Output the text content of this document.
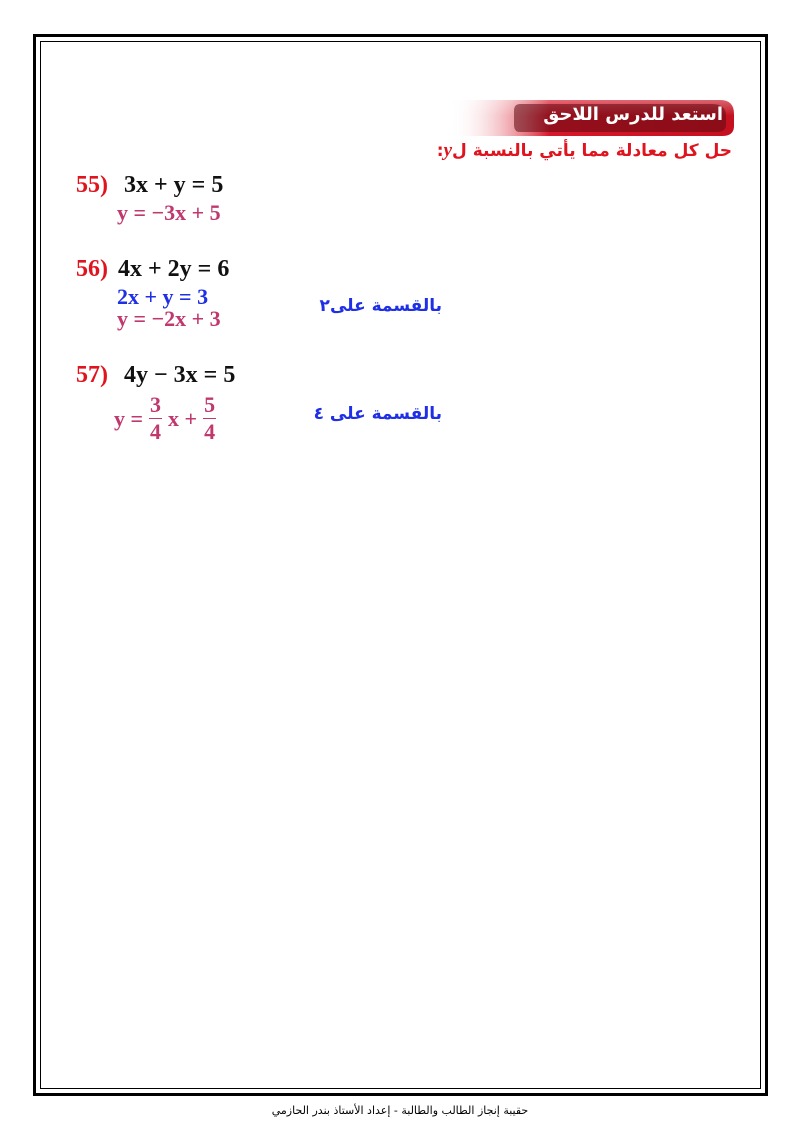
استعد للدرس اللاحق
حل كل معادلة مما يأتي بالنسبة لy:
55) 3x + y = 5
y = −3x + 5
56) 4x + 2y = 6
2x + y = 3
y = −2x + 3	بالقسمة على٢
57) 4y − 3x = 5
$y = \frac{3}{4}$ $x + \frac{5}{4}$	بالقسمة على ٤
حقيبة إنجاز الطالب والطالبة - إعداد الأستاذ بندر الحازمي
